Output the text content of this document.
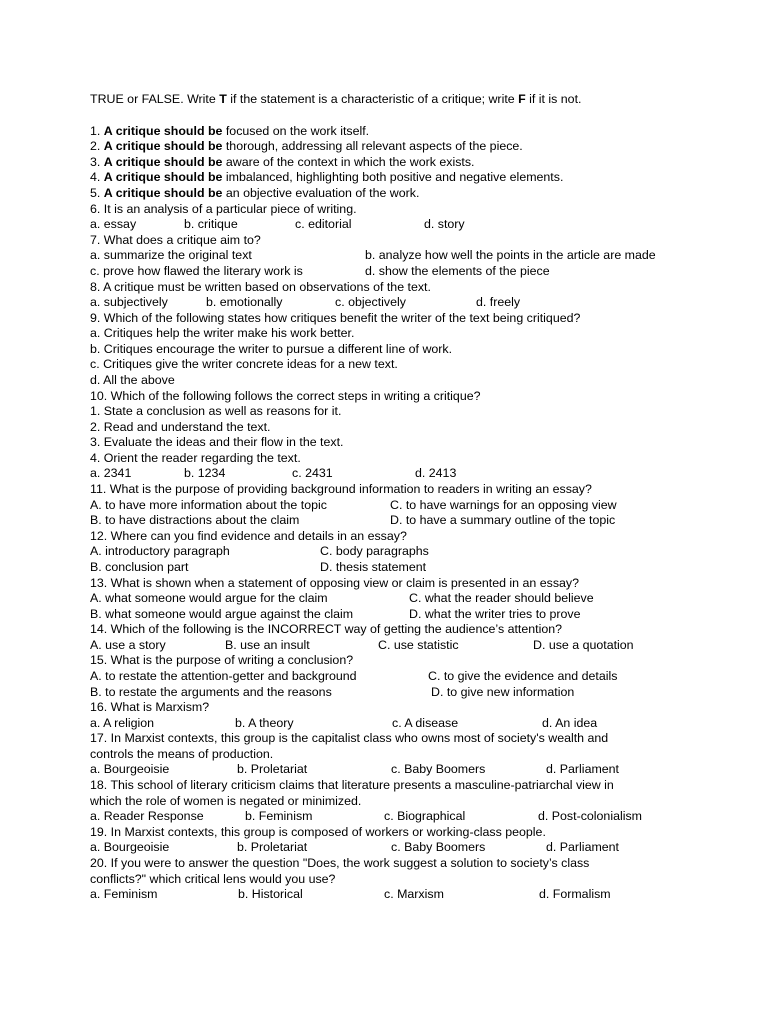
TRUE or FALSE. Write T if the statement is a characteristic of a critique; write F if it is not.
1. A critique should be focused on the work itself.
2. A critique should be thorough, addressing all relevant aspects of the piece.
3. A critique should be aware of the context in which the work exists.
4. A critique should be imbalanced, highlighting both positive and negative elements.
5. A critique should be an objective evaluation of the work.
6. It is an analysis of a particular piece of writing.
a. essay	b. critique	c. editorial	d. story
7. What does a critique aim to?
a. summarize the original text	b. analyze how well the points in the article are made
c. prove how flawed the literary work is	d. show the elements of the piece
8. A critique must be written based on observations of the text.
a. subjectively	b. emotionally	c. objectively	d. freely
9. Which of the following states how critiques benefit the writer of the text being critiqued?
a. Critiques help the writer make his work better.
b. Critiques encourage the writer to pursue a different line of work.
c. Critiques give the writer concrete ideas for a new text.
d. All the above
10. Which of the following follows the correct steps in writing a critique?
1. State a conclusion as well as reasons for it.
2. Read and understand the text.
3. Evaluate the ideas and their flow in the text.
4. Orient the reader regarding the text.
a. 2341	b. 1234	c. 2431	d. 2413
11. What is the purpose of providing background information to readers in writing an essay?
A. to have more information about the topic	C. to have warnings for an opposing view
B. to have distractions about the claim	D. to have a summary outline of the topic
12. Where can you find evidence and details in an essay?
A. introductory paragraph	C. body paragraphs
B. conclusion part	D. thesis statement
13. What is shown when a statement of opposing view or claim is presented in an essay?
A. what someone would argue for the claim	C. what the reader should believe
B. what someone would argue against the claim	D. what the writer tries to prove
14. Which of the following is the INCORRECT way of getting the audience’s attention?
A. use a story	B. use an insult	C. use statistic	D. use a quotation
15. What is the purpose of writing a conclusion?
A. to restate the attention-getter and background	C. to give the evidence and details
B. to restate the arguments and the reasons	D. to give new information
16. What is Marxism?
a. A religion	b. A theory	c. A disease	d. An idea
17. In Marxist contexts, this group is the capitalist class who owns most of society's wealth and
controls the means of production.
a. Bourgeoisie	b. Proletariat	c. Baby Boomers	d. Parliament
18. This school of literary criticism claims that literature presents a masculine-patriarchal view in
which the role of women is negated or minimized.
a. Reader Response	b. Feminism	c. Biographical	d. Post-colonialism
19. In Marxist contexts, this group is composed of workers or working-class people.
a. Bourgeoisie	b. Proletariat	c. Baby Boomers	d. Parliament
20. If you were to answer the question "Does, the work suggest a solution to society’s class
conflicts?" which critical lens would you use?
a. Feminism	b. Historical	c. Marxism	d. Formalism
